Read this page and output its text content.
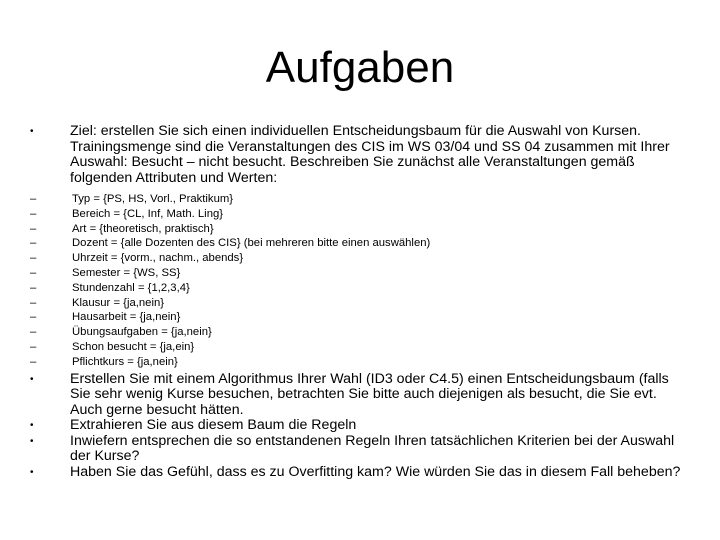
Aufgaben
•	Ziel: erstellen Sie sich einen individuellen Entscheidungsbaum für die Auswahl von Kursen. Trainingsmenge sind die Veranstaltungen des CIS im WS 03/04 und SS 04 zusammen mit Ihrer Auswahl: Besucht – nicht besucht. Beschreiben Sie zunächst alle Veranstaltungen gemäß folgenden Attributen und Werten:
–	Typ = {PS, HS, Vorl., Praktikum}
–	Bereich = {CL, Inf, Math. Ling}
–	Art = {theoretisch, praktisch}
–	Dozent = {alle Dozenten des CIS} (bei mehreren bitte einen auswählen)
–	Uhrzeit = {vorm., nachm., abends}
–	Semester = {WS, SS}
–	Stundenzahl = {1,2,3,4}
–	Klausur = {ja,nein}
–	Hausarbeit = {ja,nein}
–	Übungsaufgaben = {ja,nein}
–	Schon besucht = {ja,ein}
–	Pflichtkurs = {ja,nein}
•	Erstellen Sie mit einem Algorithmus Ihrer Wahl (ID3 oder C4.5) einen Entscheidungsbaum (falls Sie sehr wenig Kurse besuchen, betrachten Sie bitte auch diejenigen als besucht, die Sie evt. Auch gerne besucht hätten.
•	Extrahieren Sie aus diesem Baum die Regeln
•	Inwiefern entsprechen die so entstandenen Regeln Ihren tatsächlichen Kriterien bei der Auswahl der Kurse?
•	Haben Sie das Gefühl, dass es zu Overfitting kam? Wie würden Sie das in diesem Fall beheben?
